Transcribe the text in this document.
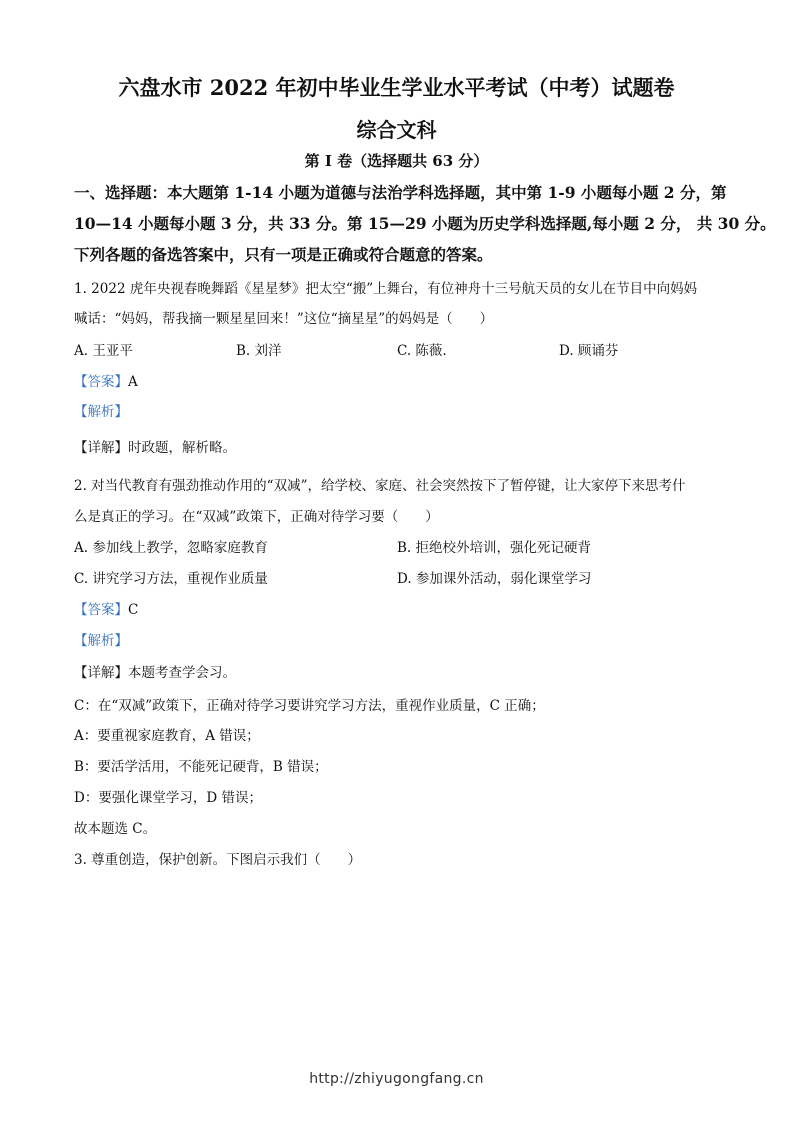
六盘水市 2022 年初中毕业生学业水平考试（中考）试题卷
综合文科
第 I 卷（选择题共 63 分）
一、选择题：本大题第 1-14 小题为道德与法治学科选择题，其中第 1-9 小题每小题 2 分，第
10—14 小题每小题 3 分，共 33 分。第 15—29 小题为历史学科选择题,每小题 2 分， 共 30 分。
下列各题的备选答案中，只有一项是正确或符合题意的答案。
1. 2022 虎年央视春晚舞蹈《星星梦》把太空“搬”上舞台，有位神舟十三号航天员的女儿在节目中向妈妈
喊话：“妈妈，帮我摘一颗星星回来！”这位“摘星星”的妈妈是（　　）
A. 王亚平	B. 刘洋	C. 陈薇.	D. 顾诵芬
【答案】A
【解析】
【详解】时政题，解析略。
2. 对当代教育有强劲推动作用的“双减”，给学校、家庭、社会突然按下了暂停键，让大家停下来思考什
么是真正的学习。在“双减”政策下，正确对待学习要（　　）
A. 参加线上教学，忽略家庭教育	B. 拒绝校外培训，强化死记硬背
C. 讲究学习方法，重视作业质量	D. 参加课外活动，弱化课堂学习
【答案】C
【解析】
【详解】本题考查学会习。
C：在“双减”政策下，正确对待学习要讲究学习方法，重视作业质量，C 正确；
A：要重视家庭教育，A 错误；
B：要活学活用，不能死记硬背，B 错误；
D：要强化课堂学习，D 错误；
故本题选 C。
3. 尊重创造，保护创新。下图启示我们（　　）
http://zhiyugongfang.cn
